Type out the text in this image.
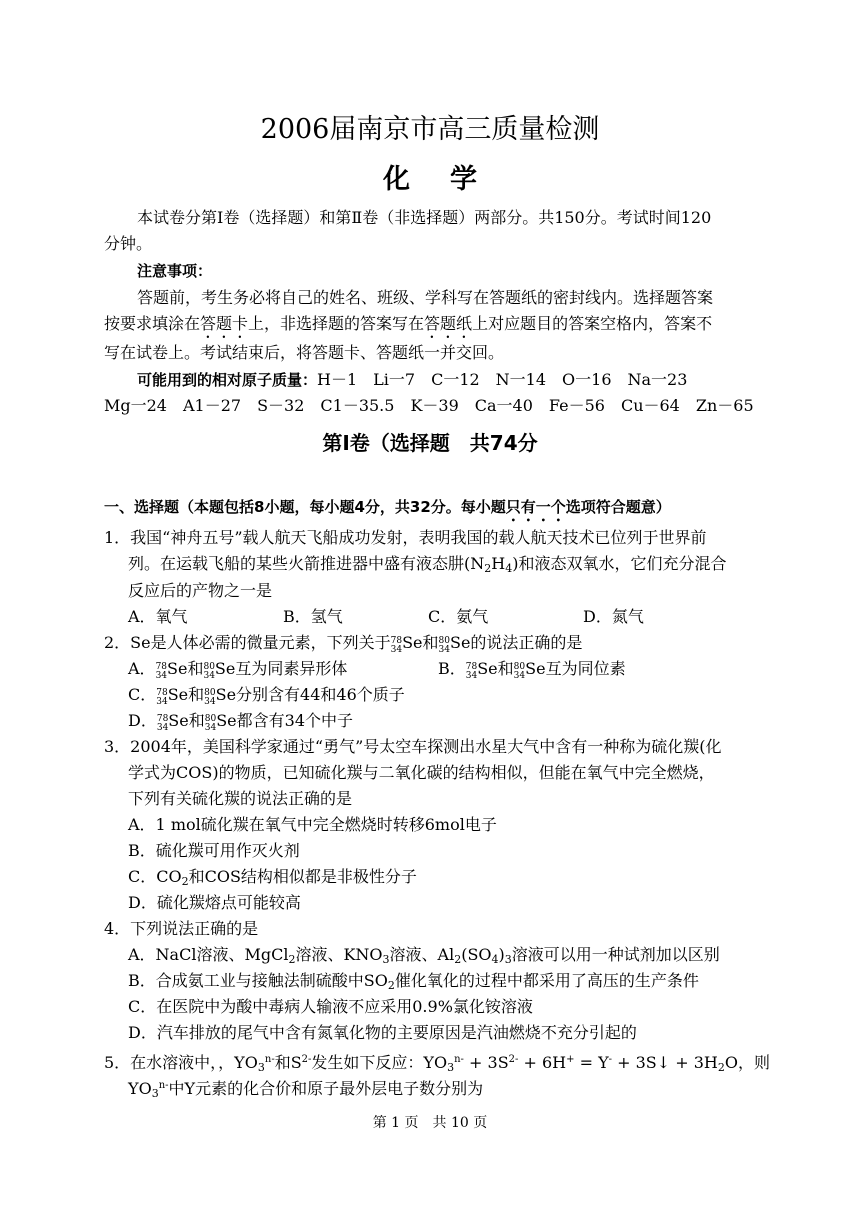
2006届南京市高三质量检测
化学
本试卷分第Ⅰ卷（选择题）和第Ⅱ卷（非选择题）两部分。共150分。考试时间120
分钟。
注意事项：
答题前，考生务必将自己的姓名、班级、学科写在答题纸的密封线内。选择题答案
按要求填涂在答题卡上，非选择题的答案写在答题纸上对应题目的答案空格内，答案不
写在试卷上。考试结束后，将答题卡、答题纸一并交回。
可能用到的相对原子质量：H－1　Li一7　C一12　N一14　O一16　Na一23
Mg一24　A1－27　S－32　C1－35.5　K－39　Ca一40　Fe－56　Cu－64　Zn－65
第Ⅰ卷（选择题　共74分
一、选择题（本题包括8小题，每小题4分，共32分。每小题只有一个选项符合题意）
1．我国“神舟五号”载人航天飞船成功发射，表明我国的载人航天技术已位列于世界前
列。在运载飞船的某些火箭推进器中盛有液态肼$(N_2H_4)$和液态双氧水，它们充分混合
反应后的产物之一是
A．氧气	B．氢气	C．氨气	D．氮气
2．Se是人体必需的微量元素，下列关于 78
34 Se和 80
34 Se的说法正确的是
A． 78
34 Se和 80
34 Se互为同素异形体	B． 78
34 Se和 80
34 Se互为同位素
C． 78
34 Se和 80
34 Se分别含有44和46个质子
D． 78
34 Se和 80
34 Se都含有34个中子
3．2004年，美国科学家通过“勇气”号太空车探测出水星大气中含有一种称为硫化羰(化
学式为COS)的物质，已知硫化羰与二氧化碳的结构相似，但能在氧气中完全燃烧，
下列有关硫化羰的说法正确的是
A．1 mol硫化羰在氧气中完全燃烧时转移6mol电子
B．硫化羰可用作灭火剂
C．$CO_2$和COS结构相似都是非极性分子
D．硫化羰熔点可能较高
4．下列说法正确的是
A．NaCl溶液、MgCl$_2$溶液、$KNO_3$溶液、$Al_2(SO_4)_3$溶液可以用一种试剂加以区别
B．合成氨工业与接触法制硫酸中$SO_2$催化氧化的过程中都采用了高压的生产条件
C．在医院中为酸中毒病人输液不应采用0.9%氯化铵溶液
D．汽车排放的尾气中含有氮氧化物的主要原因是汽油燃烧不充分引起的
5．在水溶液中，，$YO_3^{n-}$和$S^{2-}$发生如下反应：$YO_3^{n-} + 3S^{2-} + 6H^+ = Y^-$ + 3S↓ + $3H_2O$，则
$YO_3^{n-}$中Y元素的化合价和原子最外层电子数分别为
第 1 页　共 10 页
